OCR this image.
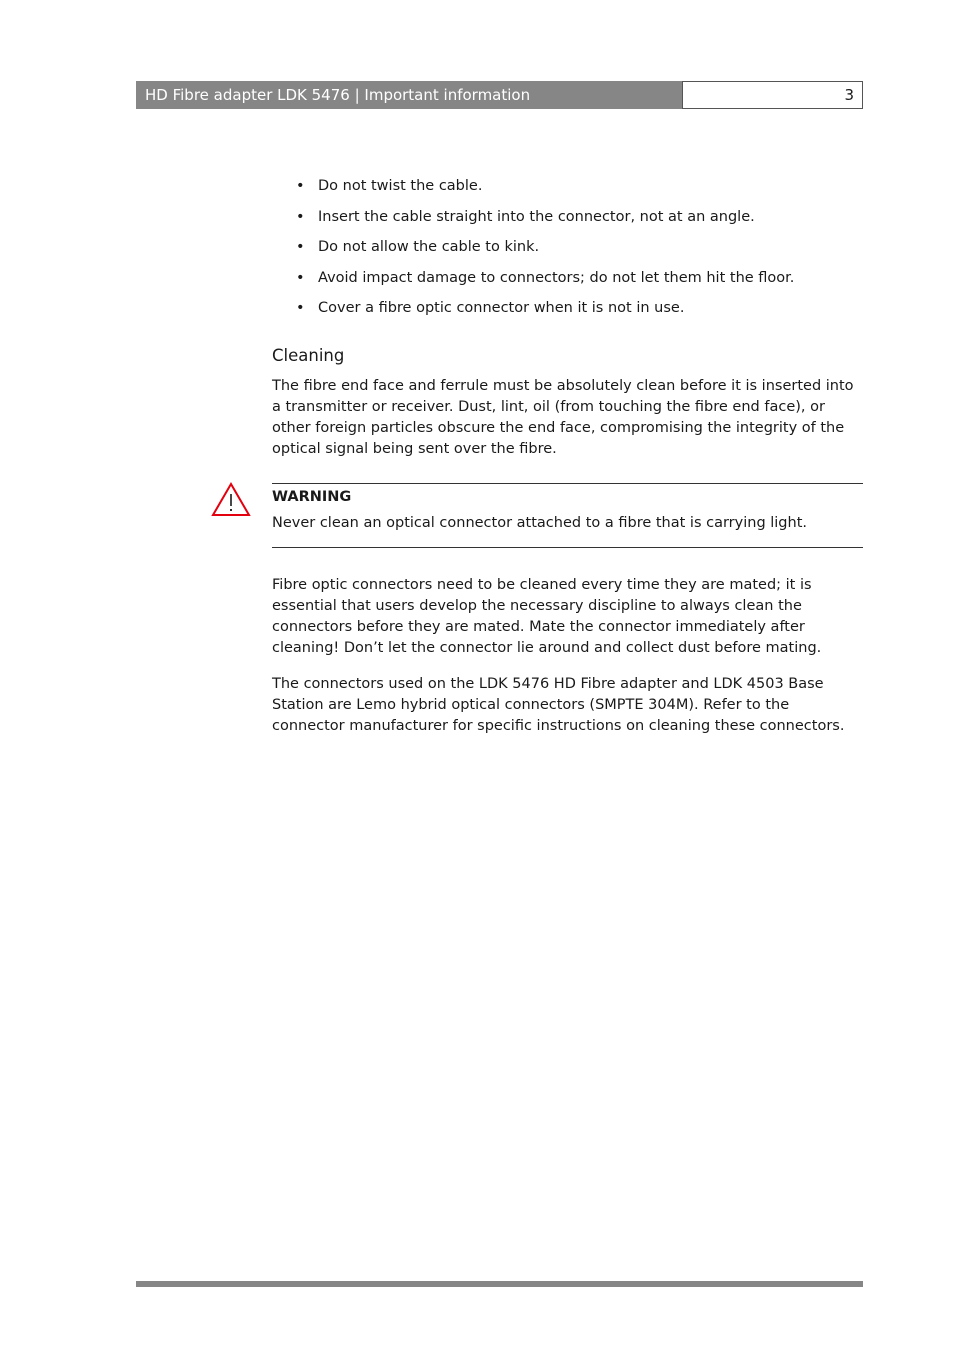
HD Fibre adapter LDK 5476 | Important information	3
• Do not twist the cable.
• Insert the cable straight into the connector, not at an angle.
• Do not allow the cable to kink.
• Avoid impact damage to connectors; do not let them hit the floor.
• Cover a fibre optic connector when it is not in use.
Cleaning

The fibre end face and ferrule must be absolutely clean before it is inserted into a transmitter or receiver. Dust, lint, oil (from touching the fibre end face), or other foreign particles obscure the end face, compromising the integrity of the optical signal being sent over the fibre.

WARNING

Never clean an optical connector attached to a fibre that is carrying light.

Fibre optic connectors need to be cleaned every time they are mated; it is essential that users develop the necessary discipline to always clean the connectors before they are mated. Mate the connector immediately after cleaning! Don’t let the connector lie around and collect dust before mating.

The connectors used on the LDK 5476 HD Fibre adapter and LDK 4503 Base Station are Lemo hybrid optical connectors (SMPTE 304M). Refer to the connector manufacturer for specific instructions on cleaning these connectors.
